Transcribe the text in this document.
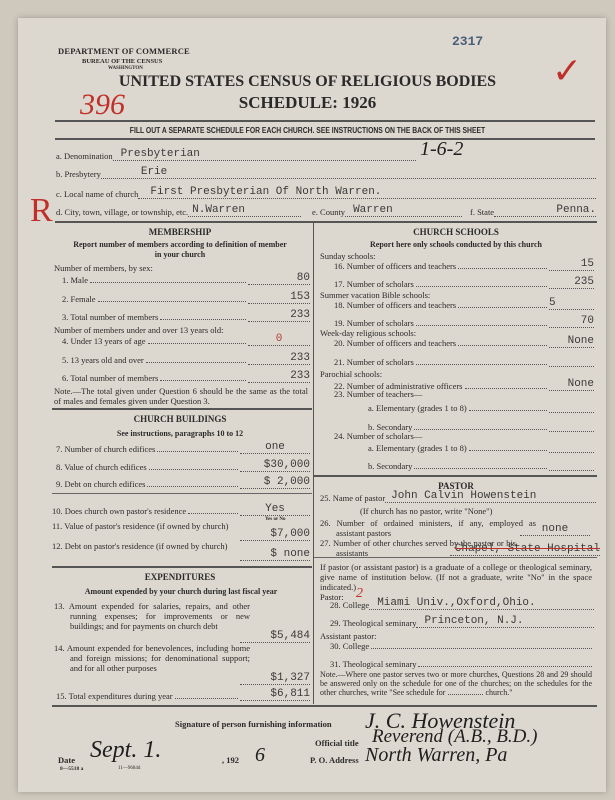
DEPARTMENT OF COMMERCE
BUREAU OF THE CENSUS
WASHINGTON
2317
✓
UNITED STATES CENSUS OF RELIGIOUS BODIES
SCHEDULE: 1926
396
FILL OUT A SEPARATE SCHEDULE FOR EACH CHURCH. SEE INSTRUCTIONS ON THE BACK OF THIS SHEET
1-6-2
R
a. Denomination Presbyterian
b. Presbytery	Erie
c. Local name of church	First Presbyterian Of North Warren.
d. City, town, village, or township, etc. N.Warren	e. County Warren	f. State	Penna.
MEMBERSHIP
Report number of members according to definition of member in your church
Number of members, by sex:
1. Male	80
2. Female	153
3. Total number of members	233
Number of members under and over 13 years old:
4. Under 13 years of age	0
5. 13 years old and over	233
6. Total number of members	233
Note.—The total given under Question 6 should be the same as the total of males and females given under Question 3.
CHURCH BUILDINGS
See instructions, paragraphs 10 to 12
7. Number of church edifices	one
8. Value of church edifices	$30,000
9. Debt on church edifices	$ 2,000
10. Does church own pastor's residence	Yes
Yes or No
11. Value of pastor's residence (if owned by church)
$7,000
12. Debt on pastor's residence (if owned by church)
$ none
EXPENDITURES
Amount expended by your church during last fiscal year
13. Amount expended for salaries, repairs, and other running expenses; for improvements or new buildings; and for payments on church debt
$5,484
14. Amount expended for benevolences, including home and foreign missions; for denominational support; and for all other purposes
$1,327
15. Total expenditures during year	$6,811
CHURCH SCHOOLS
Report here only schools conducted by this church
Sunday schools:
16. Number of officers and teachers	15
17. Number of scholars	235
Summer vacation Bible schools:
18. Number of officers and teachers	5
19. Number of scholars	70
Week-day religious schools:
20. Number of officers and teachers	None
21. Number of scholars
Parochial schools:
22. Number of administrative officers	None
23. Number of teachers—
a. Elementary (grades 1 to 8)
b. Secondary
24. Number of scholars—
a. Elementary (grades 1 to 8)
b. Secondary
PASTOR
25. Name of pastor John Calvin Howenstein
(If church has no pastor, write "None")
26. Number of ordained ministers, if any, employed as assistant pastors	none
27. Number of other churches served by the pastor or his assistants	Chapel, State Hospital
If pastor (or assistant pastor) is a graduate of a college or theological seminary, give name of institution below. (If not a graduate, write "No" in the space indicated.)
Pastor: 2
28. College Miami Univ.,Oxford,Ohio.
29. Theological seminary Princeton, N.J.
Assistant pastor:
30. College
31. Theological seminary
Note.—Where one pastor serves two or more churches, Questions 28 and 29 should be answered only on the schedule for one of the churches; on the schedules for the other churches, write "See schedule for .................. church."
Signature of person furnishing information J. C. Howenstein
Official title Reverend (A.B., B.D.)
P. O. Address North Warren, Pa
Date Sept. 1.	, 192 6
8—5518 a	11—9684d
